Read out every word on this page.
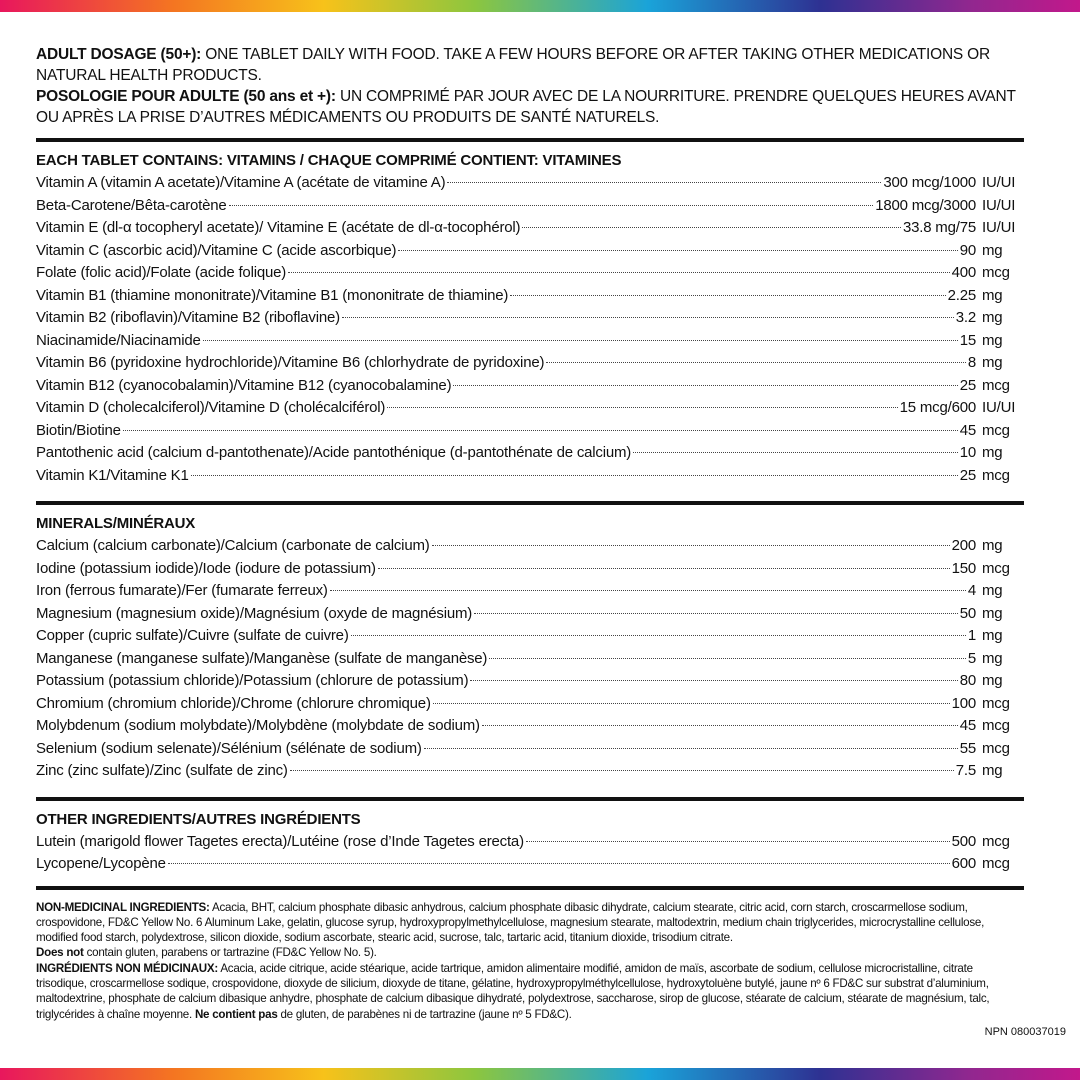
ADULT DOSAGE (50+): ONE TABLET DAILY WITH FOOD. TAKE A FEW HOURS BEFORE OR AFTER TAKING OTHER MEDICATIONS OR NATURAL HEALTH PRODUCTS.

POSOLOGIE POUR ADULTE (50 ans et +): UN COMPRIMÉ PAR JOUR AVEC DE LA NOURRITURE. PRENDRE QUELQUES HEURES AVANT OU APRÈS LA PRISE D’AUTRES MÉDICAMENTS OU PRODUITS DE SANTÉ NATURELS.

EACH TABLET CONTAINS: VITAMINS / CHAQUE COMPRIMÉ CONTIENT: VITAMINES
Vitamin A (vitamin A acetate)/Vitamine A (acétate de vitamine A)	300 mcg/1000 IU/UI
Beta-Carotene/Bêta-carotène	1800 mcg/3000 IU/UI
Vitamin E (dl-α tocopheryl acetate)/ Vitamine E (acétate de dl-α-tocophérol)	33.8 mg/75 IU/UI
Vitamin C (ascorbic acid)/Vitamine C (acide ascorbique)	90 mg
Folate (folic acid)/Folate (acide folique)	400 mcg
Vitamin B1 (thiamine mononitrate)/Vitamine B1 (mononitrate de thiamine)	2.25 mg
Vitamin B2 (riboflavin)/Vitamine B2 (riboflavine)	3.2 mg
Niacinamide/Niacinamide	15 mg
Vitamin B6 (pyridoxine hydrochloride)/Vitamine B6 (chlorhydrate de pyridoxine)	8 mg
Vitamin B12 (cyanocobalamin)/Vitamine B12 (cyanocobalamine)	25 mcg
Vitamin D (cholecalciferol)/Vitamine D (cholécalciférol)	15 mcg/600 IU/UI
Biotin/Biotine	45 mcg
Pantothenic acid (calcium d-pantothenate)/Acide pantothénique (d-pantothénate de calcium)	10 mg
Vitamin K1/Vitamine K1	25 mcg
MINERALS/MINÉRAUX
Calcium (calcium carbonate)/Calcium (carbonate de calcium)	200 mg
Iodine (potassium iodide)/Iode (iodure de potassium)	150 mcg
Iron (ferrous fumarate)/Fer (fumarate ferreux)	4 mg
Magnesium (magnesium oxide)/Magnésium (oxyde de magnésium)	50 mg
Copper (cupric sulfate)/Cuivre (sulfate de cuivre)	1 mg
Manganese (manganese sulfate)/Manganèse (sulfate de manganèse)	5 mg
Potassium (potassium chloride)/Potassium (chlorure de potassium)	80 mg
Chromium (chromium chloride)/Chrome (chlorure chromique)	100 mcg
Molybdenum (sodium molybdate)/Molybdène (molybdate de sodium)	45 mcg
Selenium (sodium selenate)/Sélénium (sélénate de sodium)	55 mcg
Zinc (zinc sulfate)/Zinc (sulfate de zinc)	7.5 mg
OTHER INGREDIENTS/AUTRES INGRÉDIENTS
Lutein (marigold flower Tagetes erecta)/Lutéine (rose d’Inde Tagetes erecta)	500 mcg
Lycopene/Lycopène	600 mcg

NON-MEDICINAL INGREDIENTS: Acacia, BHT, calcium phosphate dibasic anhydrous, calcium phosphate dibasic dihydrate, calcium stearate, citric acid, corn starch, croscarmellose sodium, crospovidone, FD&C Yellow No. 6 Aluminum Lake, gelatin, glucose syrup, hydroxypropylmethylcellulose, magnesium stearate, maltodextrin, medium chain triglycerides, microcrystalline cellulose, modified food starch, polydextrose, silicon dioxide, sodium ascorbate, stearic acid, sucrose, talc, tartaric acid, titanium dioxide, trisodium citrate.

Does not contain gluten, parabens or tartrazine (FD&C Yellow No. 5).

INGRÉDIENTS NON MÉDICINAUX: Acacia, acide citrique, acide stéarique, acide tartrique, amidon alimentaire modifié, amidon de maïs, ascorbate de sodium, cellulose microcristalline, citrate trisodique, croscarmellose sodique, crospovidone, dioxyde de silicium, dioxyde de titane, gélatine, hydroxypropylméthylcellulose, hydroxytoluène butylé, jaune nº 6 FD&C sur substrat d’aluminium, maltodextrine, phosphate de calcium dibasique anhydre, phosphate de calcium dibasique dihydraté, polydextrose, saccharose, sirop de glucose, stéarate de calcium, stéarate de magnésium, talc, triglycérides à chaîne moyenne. Ne contient pas de gluten, de parabènes ni de tartrazine (jaune nº 5 FD&C).

NPN 080037019
